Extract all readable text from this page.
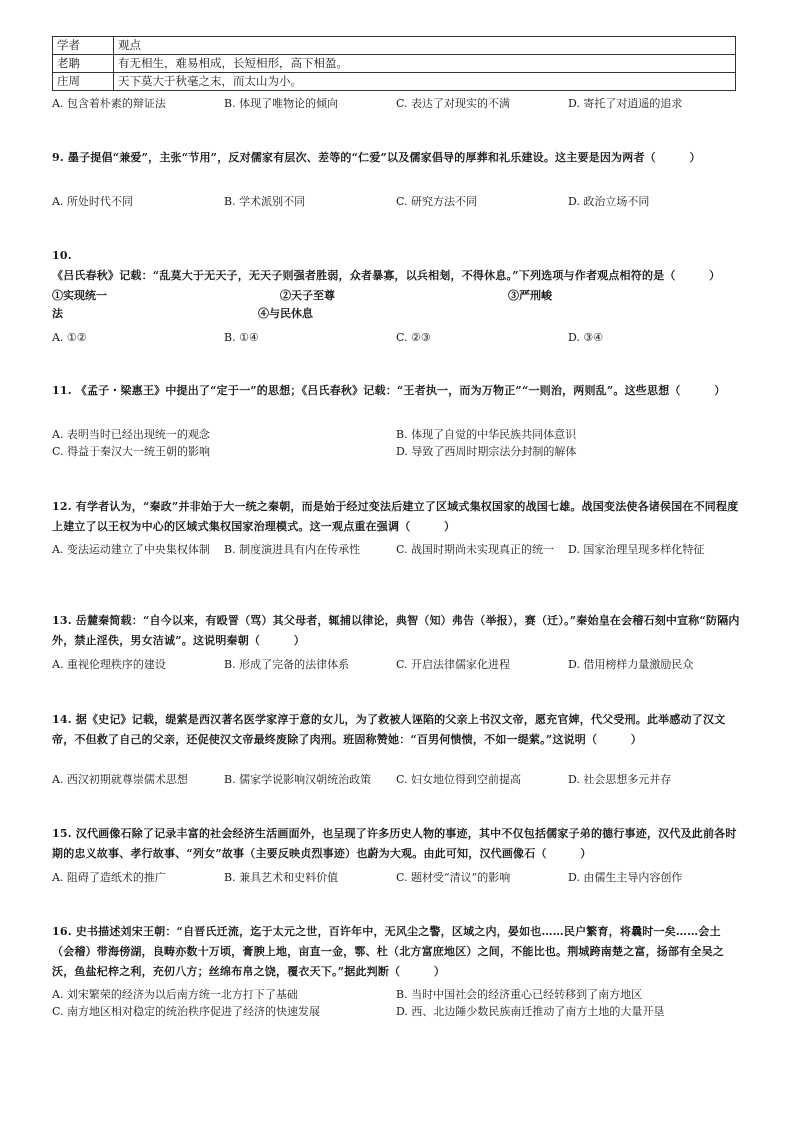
学者	观点
老聃	有无相生，难易相成，长短相形，高下相盈。
庄周	天下莫大于秋毫之末，而太山为小。
A. 包含着朴素的辩证法	B. 体现了唯物论的倾向	C. 表达了对现实的不满	D. 寄托了对逍遥的追求
9. 墨子提倡“兼爱”，主张“节用”，反对儒家有层次、差等的“仁爱”以及儒家倡导的厚葬和礼乐建设。这主要是因为两者（　　　）
A. 所处时代不同	B. 学术派别不同	C. 研究方法不同	D. 政治立场不同
10.《吕氏春秋》记载：“乱莫大于无天子，无天子则强者胜弱，众者暴寡，以兵相刬，不得休息。”下列选项与作者观点相符的是（　　　）
①实现统一	②天子至尊	③严刑峻
法	④与民休息
A. ①②	B. ①④	C. ②③	D. ③④
11. 《孟子・梁惠王》中提出了“定于一”的思想；《吕氏春秋》记载：“王者执一，而为万物正”“一则治，两则乱”。这些思想（　　　）
A. 表明当时已经出现统一的观念	B. 体现了自觉的中华民族共同体意识
C. 得益于秦汉大一统王朝的影响	D. 导致了西周时期宗法分封制的解体
12. 有学者认为，“秦政”并非始于大一统之秦朝，而是始于经过变法后建立了区域式集权国家的战国七雄。战国变法使各诸侯国在不同程度上建立了以王权为中心的区域式集权国家治理模式。这一观点重在强调（　　　）
A. 变法运动建立了中央集权体制	B. 制度演进具有内在传承性	C. 战国时期尚未实现真正的统一	D. 国家治理呈现多样化特征
13. 岳麓秦简载：“自今以来，有殴詈（骂）其父母者，辄捕以律论，典智（知）弗告（举报），赛（迁）。”秦始皇在会稽石刻中宣称“防隔内外，禁止淫佚，男女洁诚”。这说明秦朝（　　　）
A. 重视伦理秩序的建设	B. 形成了完备的法律体系	C. 开启法律儒家化进程	D. 借用榜样力量激励民众
14. 据《史记》记载，缇萦是西汉著名医学家淳于意的女儿，为了救被人诬陷的父亲上书汉文帝，愿充官婢，代父受刑。此举感动了汉文帝，不但救了自己的父亲，还促使汉文帝最终废除了肉刑。班固称赞她：“百男何愦愦，不如一缇萦。”这说明（　　　）
A. 西汉初期就尊崇儒术思想	B. 儒家学说影响汉朝统治政策 C. 妇女地位得到空前提高	D. 社会思想多元并存
15. 汉代画像石除了记录丰富的社会经济生活画面外，也呈现了许多历史人物的事迹，其中不仅包括儒家子弟的德行事迹，汉代及此前各时期的忠义故事、孝行故事、“列女”故事（主要反映贞烈事迹）也蔚为大观。由此可知，汉代画像石（　　　）
A. 阻碍了造纸术的推广	B. 兼具艺术和史料价值	C. 题材受“清议”的影响	D. 由儒生主导内容创作
16. 史书描述刘宋王朝：“自晋氏迁流，迄于太元之世，百许年中，无风尘之警，区域之内，晏如也……民户繁育，将曩时一矣……会土（会稽）带海傍湖，良畴亦数十万顷，膏腴上地，亩直一金，鄠、杜（北方富庶地区）之间，不能比也。荆城跨南楚之富，扬部有全吴之沃，鱼盐杞梓之利，充仞八方；丝绵布帛之饶，覆衣天下。”据此判断（　　　）
A. 刘宋繁荣的经济为以后南方统一北方打下了基础	B. 当时中国社会的经济重心已经转移到了南方地区
C. 南方地区相对稳定的统治秩序促进了经济的快速发展	D. 西、北边陲少数民族南迁推动了南方土地的大量开垦
